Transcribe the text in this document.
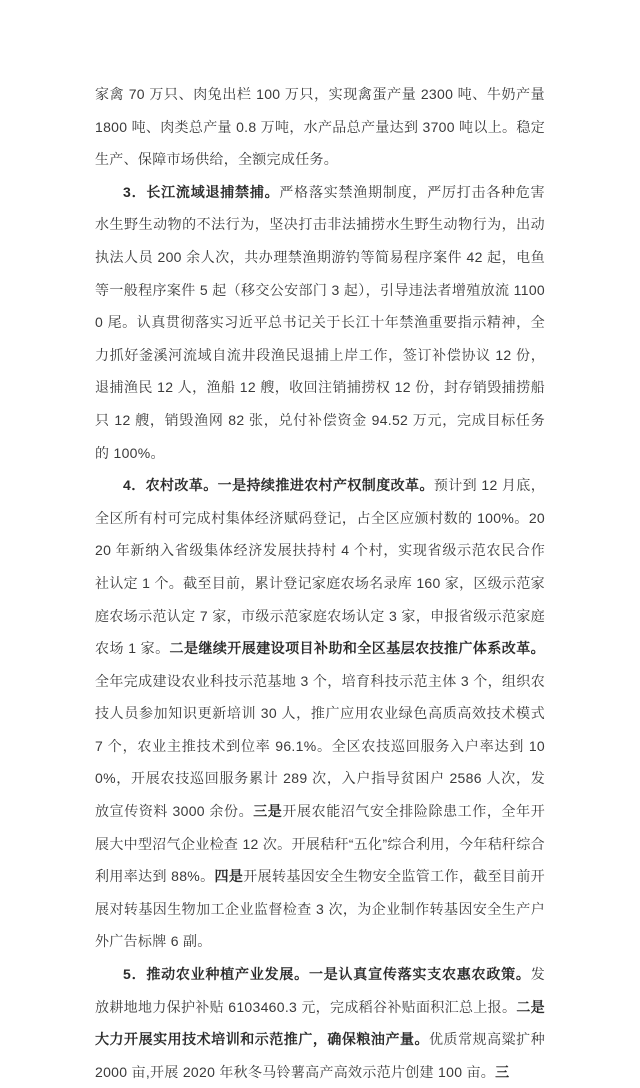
家禽 70 万只、肉兔出栏 100 万只，实现禽蛋产量 2300 吨、牛奶产量 1800 吨、肉类总产量 0.8 万吨，水产品总产量达到 3700 吨以上。稳定生产、保障市场供给，全额完成任务。

3．长江流域退捕禁捕。严格落实禁渔期制度，严厉打击各种危害水生野生动物的不法行为，坚决打击非法捕捞水生野生动物行为，出动执法人员 200 余人次，共办理禁渔期游钓等简易程序案件 42 起，电鱼等一般程序案件 5 起（移交公安部门 3 起），引导违法者增殖放流 11000 尾。认真贯彻落实习近平总书记关于长江十年禁渔重要指示精神，全力抓好釜溪河流域自流井段渔民退捕上岸工作，签订补偿协议 12 份，退捕渔民 12 人，渔船 12 艘，收回注销捕捞权 12 份，封存销毁捕捞船只 12 艘，销毁渔网 82 张，兑付补偿资金 94.52 万元，完成目标任务的 100%。

4．农村改革。一是持续推进农村产权制度改革。预计到 12 月底，全区所有村可完成村集体经济赋码登记，占全区应颁村数的 100%。2020 年新纳入省级集体经济发展扶持村 4 个村，实现省级示范农民合作社认定 1 个。截至目前，累计登记家庭农场名录库 160 家，区级示范家庭农场示范认定 7 家，市级示范家庭农场认定 3 家，申报省级示范家庭农场 1 家。二是继续开展建设项目补助和全区基层农技推广体系改革。全年完成建设农业科技示范基地 3 个，培育科技示范主体 3 个，组织农技人员参加知识更新培训 30 人，推广应用农业绿色高质高效技术模式 7 个，农业主推技术到位率 96.1%。全区农技巡回服务入户率达到 100%，开展农技巡回服务累计 289 次，入户指导贫困户 2586 人次，发放宣传资料 3000 余份。三是开展农能沼气安全排险除患工作，全年开展大中型沼气企业检查 12 次。开展秸秆“五化”综合利用，今年秸秆综合利用率达到 88%。四是开展转基因安全生物安全监管工作，截至目前开展对转基因生物加工企业监督检查 3 次，为企业制作转基因安全生产户外广告标牌 6 副。

5．推动农业种植产业发展。一是认真宣传落实支农惠农政策。发放耕地地力保护补贴 6103460.3 元，完成稻谷补贴面积汇总上报。二是大力开展实用技术培训和示范推广，确保粮油产量。优质常规高粱扩种 2000 亩,开展 2020 年秋冬马铃薯高产高效示范片创建 100 亩。三
